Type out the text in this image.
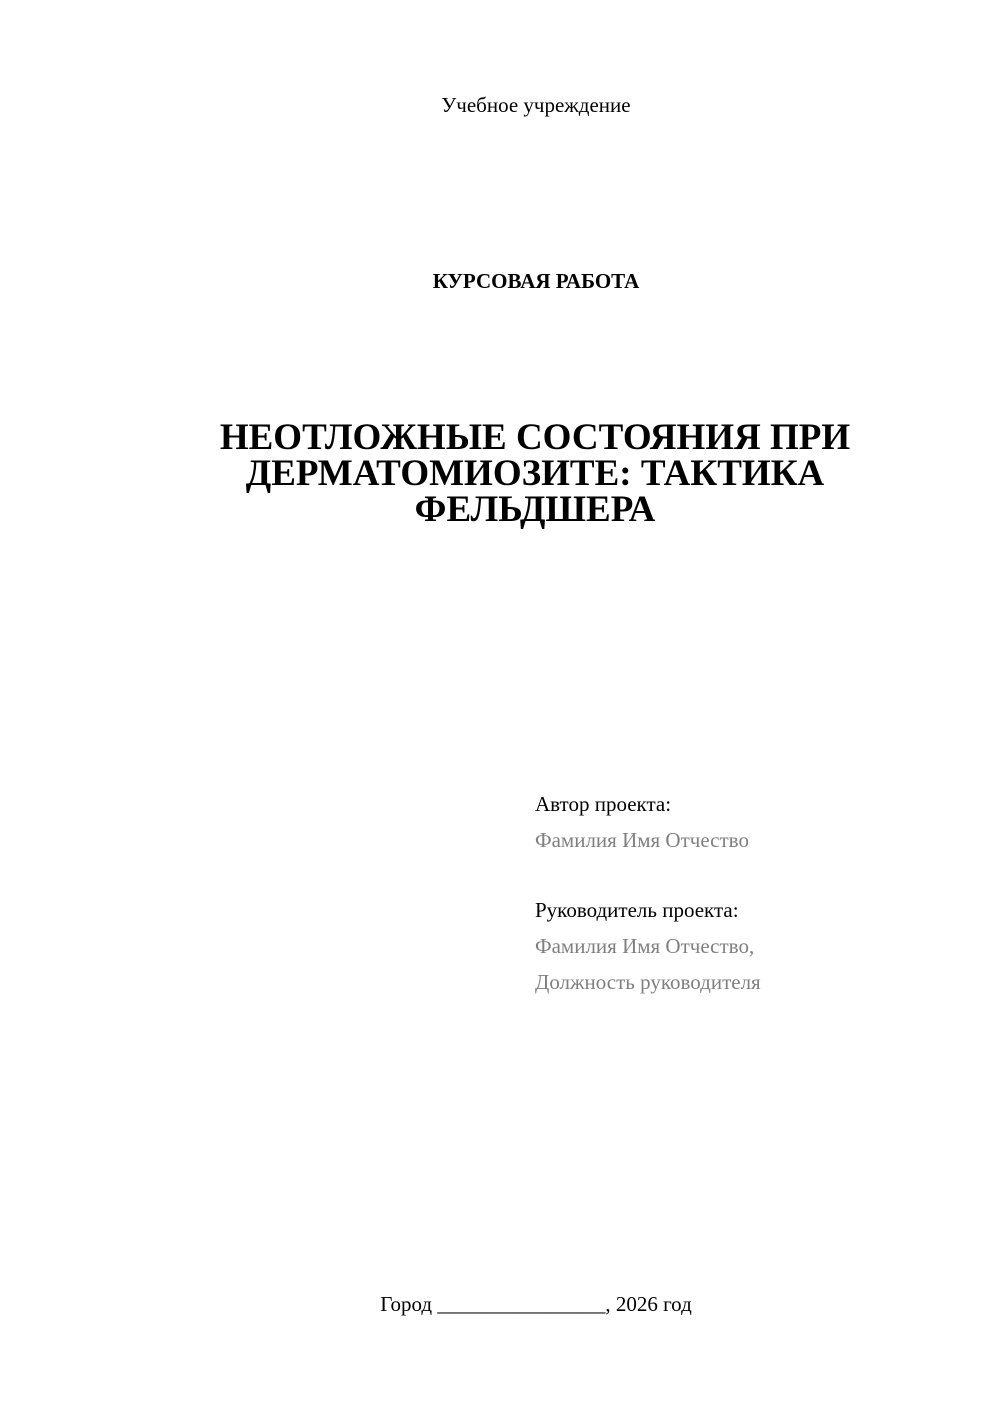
Учебное учреждение
КУРСОВАЯ РАБОТА
НЕОТЛОЖНЫЕ СОСТОЯНИЯ ПРИ
ДЕРМАТОМИОЗИТЕ: ТАКТИКА
ФЕЛЬДШЕРА
Автор проекта:
Фамилия Имя Отчество
Руководитель проекта:
Фамилия Имя Отчество,
Должность руководителя
Город ________________, 2026 год
